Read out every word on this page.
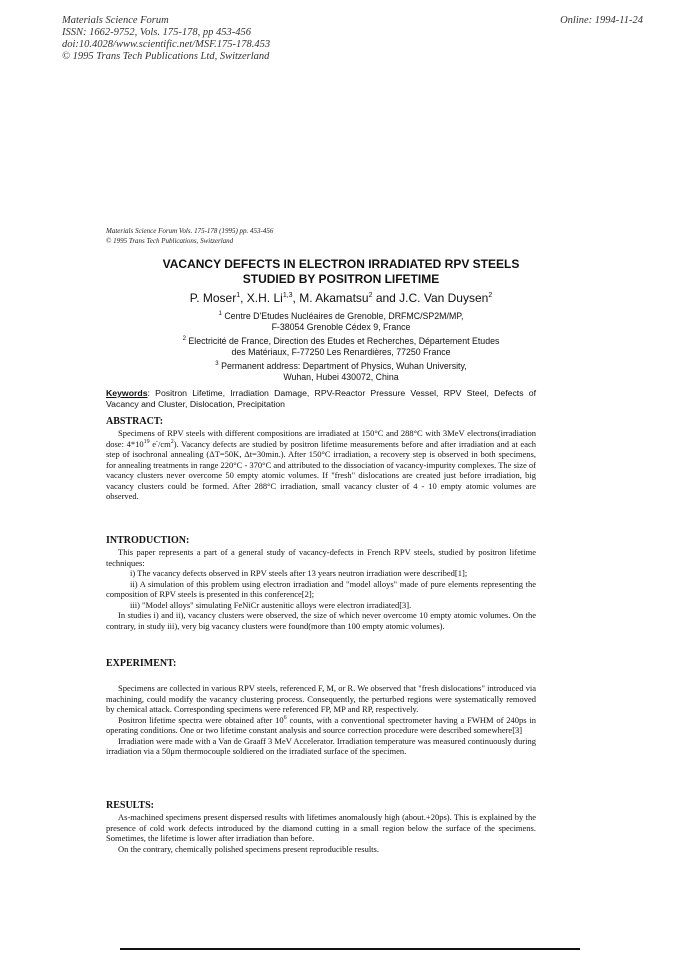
Materials Science Forum
ISSN: 1662-9752, Vols. 175-178, pp 453-456
doi:10.4028/www.scientific.net/MSF.175-178.453
© 1995 Trans Tech Publications Ltd, Switzerland
Online: 1994-11-24
Materials Science Forum Vols. 175-178 (1995) pp. 453-456
© 1995 Trans Tech Publications, Switzerland
VACANCY DEFECTS IN ELECTRON IRRADIATED RPV STEELS
STUDIED BY POSITRON LIFETIME
P. Moser$^1$, X.H. Li$^{1,3}$, M. Akamatsu$^2$ and J.C. Van Duysen$^2$
$^1$ Centre D'Etudes Nucléaires de Grenoble, DRFMC/SP2M/MP,
F-38054 Grenoble Cédex 9, France
$^2$ Electricité de France, Direction des Etudes et Recherches, Département Etudes
des Matériaux, F-77250 Les Renardières, 77250 France
$^3$ Permanent address: Department of Physics, Wuhan University,
Wuhan, Hubei 430072, China
Keywords: Positron Lifetime, Irradiation Damage, RPV-Reactor Pressure Vessel, RPV Steel, Defects of Vacancy and Cluster, Dislocation, Precipitation
ABSTRACT:

Specimens of RPV steels with different compositions are irradiated at 150°C and 288°C with 3MeV electrons(irradiation dose: $4*10^{19}$ $e^-/cm^2$). Vacancy defects are studied by positron lifetime measurements before and after irradiation and at each step of isochronal annealing (ΔT=50K, Δt=30min.). After 150°C irradiation, a recovery step is observed in both specimens, for annealing treatments in range 220°C - 370°C and attributed to the dissociation of vacancy-impurity complexes. The size of vacancy clusters never overcome 50 empty atomic volumes. If "fresh" dislocations are created just before irradiation, big vacancy clusters could be formed. After 288°C irradiation, small vacancy cluster of 4 - 10 empty atomic volumes are observed.

INTRODUCTION:

This paper represents a part of a general study of vacancy-defects in French RPV steels, studied by positron lifetime techniques:

i) The vacancy defects observed in RPV steels after 13 years neutron irradiation were described[1];

ii) A simulation of this problem using electron irradiation and "model alloys" made of pure elements representing the composition of RPV steels is presented in this conference[2];

iii) "Model alloys" simulating FeNiCr austenitic alloys were electron irradiated[3].

In studies i) and ii), vacancy clusters were observed, the size of which never overcome 10 empty atomic volumes. On the contrary, in study iii), very big vacancy clusters were found(more than 100 empty atomic volumes).

EXPERIMENT:

Specimens are collected in various RPV steels, referenced F, M, or R. We observed that "fresh dislocations" introduced via machining, could modify the vacancy clustering process. Consequently, the perturbed regions were systematically removed by chemical attack. Corresponding specimens were referenced FP, MP and RP, respectively.

Positron lifetime spectra were obtained after $10^6$ counts, with a conventional spectrometer having a FWHM of 240ps in operating conditions. One or two lifetime constant analysis and source correction procedure were described somewhere[3]

Irradiation were made with a Van de Graaff 3 MeV Accelerator. Irradiation temperature was measured continuously during irradiation via a 50μm thermocouple soldiered on the irradiated surface of the specimen.

RESULTS:

As-machined specimens present dispersed results with lifetimes anomalously high (about.+20ps). This is explained by the presence of cold work defects introduced by the diamond cutting in a small region below the surface of the specimens. Sometimes, the lifetime is lower after irradiation than before.

On the contrary, chemically polished specimens present reproducible results.
